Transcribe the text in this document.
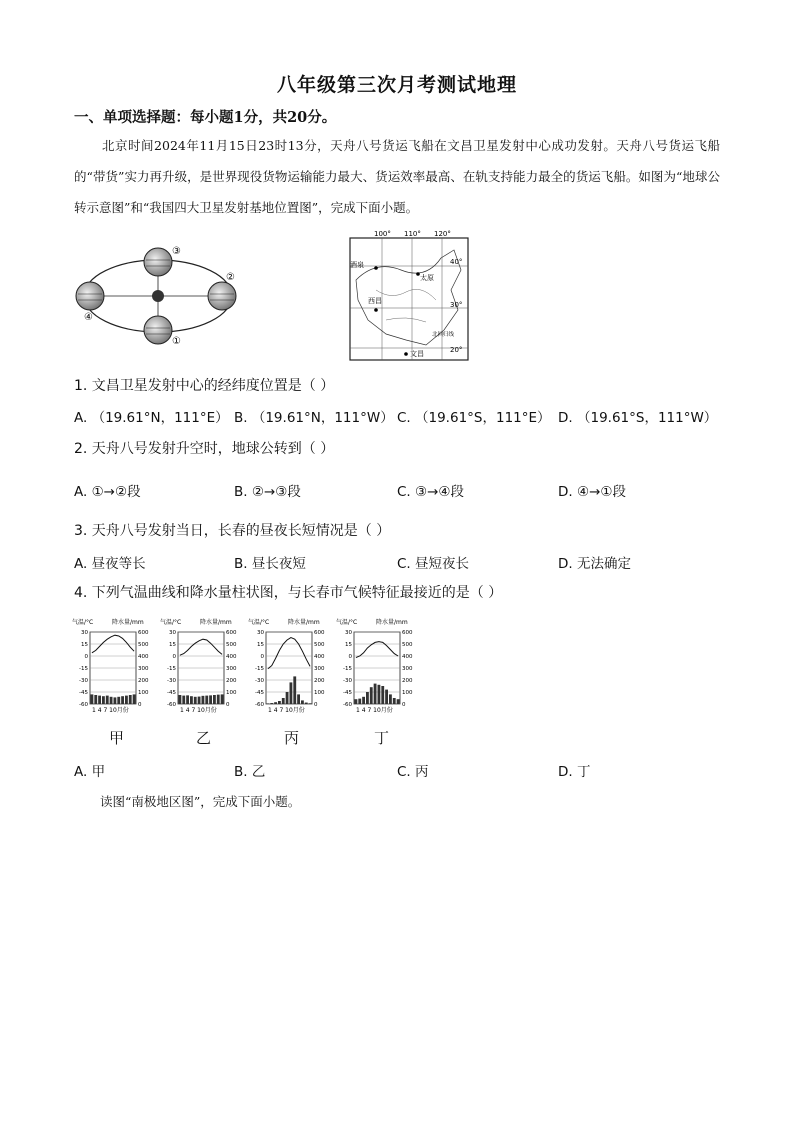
八年级第三次月考测试地理
一、单项选择题：每小题1分，共20分。
北京时间2024年11月15日23时13分，天舟八号货运飞船在文昌卫星发射中心成功发射。天舟八号货运飞船的“带货”实力再升级，是世界现役货物运输能力最大、货运效率最高、在轨支持能力最全的货运飞船。如图为“地球公转示意图”和“我国四大卫星发射基地位置图”，完成下面小题。
①
②
③
④
100° 110° 120°
40°
30°
20°
酒泉
太原
西昌
文昌
北回归线
1. 文昌卫星发射中心的经纬度位置是（ ）
A. （19.61°N，111°E） B. （19.61°N，111°W） C. （19.61°S，111°E） D. （19.61°S，111°W）
2. 天舟八号发射升空时，地球公转到（ ）
A. ①→②段	B. ②→③段	C. ③→④段	D. ④→①段
3. 天舟八号发射当日，长春的昼夜长短情况是（ ）
A. 昼夜等长	B. 昼长夜短	C. 昼短夜长	D. 无法确定
4. 下列气温曲线和降水量柱状图，与长春市气候特征最接近的是（ ）
气温/°C	降水量/mm
30	600
15	500
0	400
-15	300
-30	200
-45	100
-60	0
1 4 7 10月份
气温/°C	降水量/mm
30	600
15	500
0	400
-15	300
-30	200
-45	100
-60	0
1 4 7 10月份
气温/°C	降水量/mm
30	600
15	500
0	400
-15	300
-30	200
-45	100
-60	0
1 4 7 10月份
气温/°C	降水量/mm
30	600
15	500
0	400
-15	300
-30	200
-45	100
-60	0
1 4 7 10月份
甲	乙	丙	丁
A. 甲	B. 乙	C. 丙	D. 丁
读图“南极地区图”，完成下面小题。
